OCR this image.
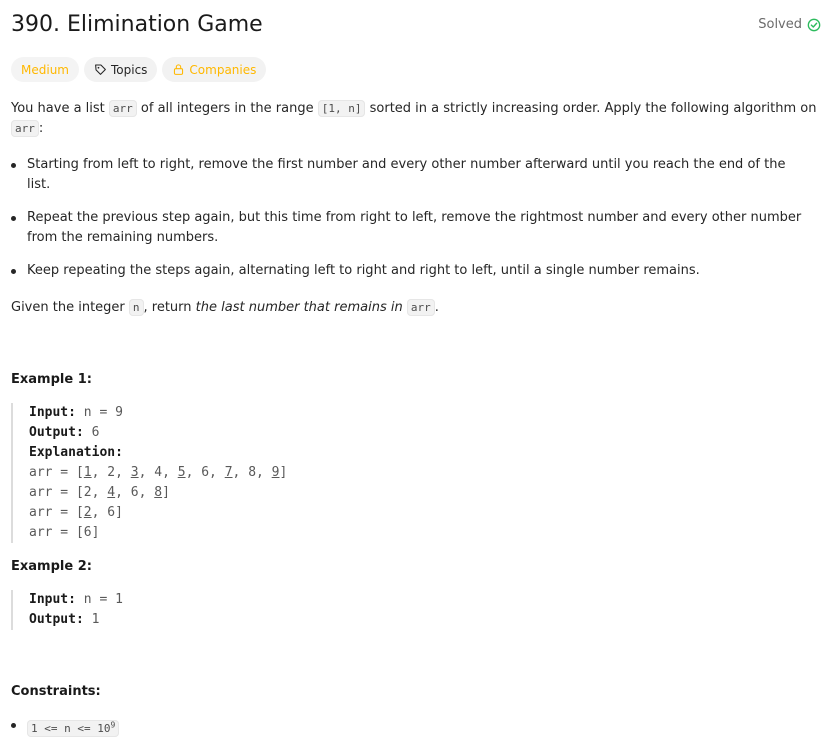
390. Elimination Game	Solved
Medium	Topics	Companies

You have a list arr of all integers in the range [1, n] sorted in a strictly increasing order. Apply the following algorithm on arr :

Starting from left to right, remove the first number and every other number afterward until you reach the end of the list.
Repeat the previous step again, but this time from right to left, remove the rightmost number and every other number from the remaining numbers.
Keep repeating the steps again, alternating left to right and right to left, until a single number remains.

Given the integer n , return the last number that remains in arr .

Example 1:
Input: n = 9
Output: 6
Explanation:
arr = [1, 2, 3, 4, 5, 6, 7, 8, 9]
arr = [2, 4, 6, 8]
arr = [2, 6]
arr = [6]
Example 2:
Input: n = 1
Output: 1
Constraints:
$1 <= n <= 10^9$
